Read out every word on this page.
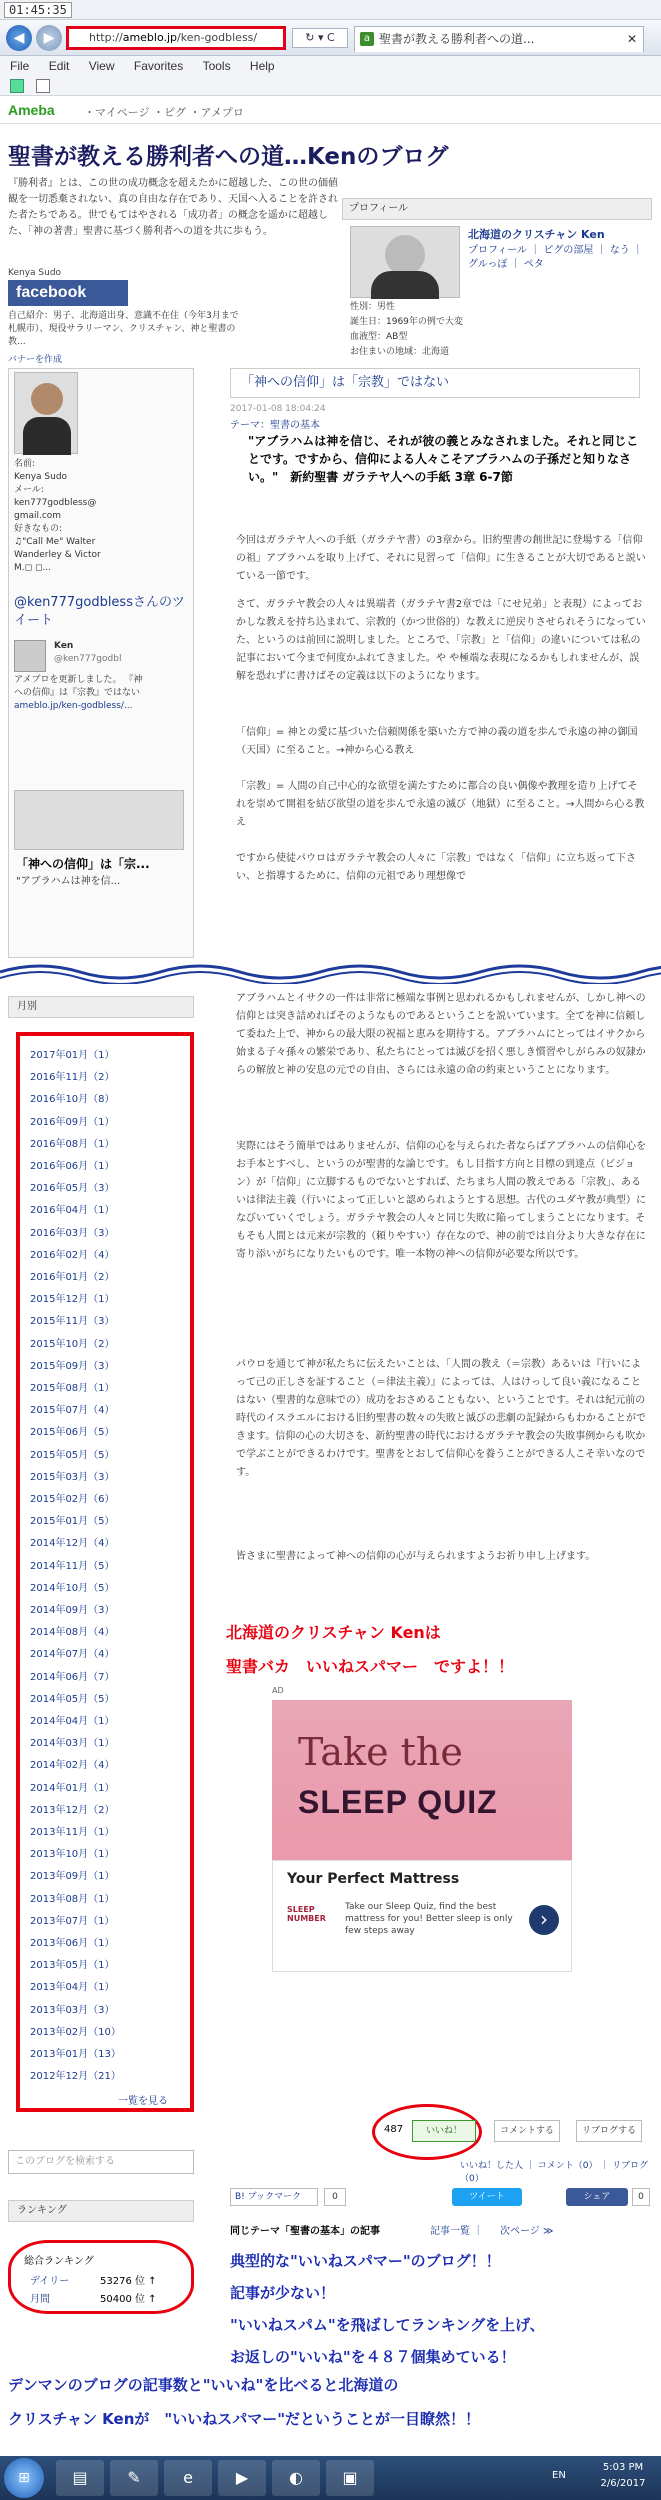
01:45:35
◀	▶	http://ameblo.jp/ken-godbless/	↻ ▾ C	a 聖書が教える勝利者への道...	✕
File Edit View Favorites Tools Help
Ameba	・マイページ ・ピグ ・アメプロ
聖書が教える勝利者への道…Kenのブログ
『勝利者』とは、この世の成功概念を超えたかに超越した、この世の価値観を一切悉棄されない、真の自由な存在であり、天国へ入ることを許された者たちである。世でもてはやされる「成功者」の概念を遥かに超越した、「神の著書」聖書に基づく勝利者への道を共に歩もう。
プロフィール
北海道のクリスチャン Ken
プロフィール ｜ ピグの部屋 ｜ なう ｜ グルっぽ ｜ ペタ
性別：男性
誕生日：1969年の例で大変
血液型：AB型
お住まいの地域：北海道
Kenya Sudo
facebook
自己紹介：男子、北海道出身、意識不在住（今年3月まで札幌市）、現役サラリーマン、クリスチャン、神と聖書の教...
バナーを作成
名前:
Kenya Sudo
メール:
ken777godbless@
gmail.com
好きなもの:
♫"Call Me" Walter
Wanderley & Victor
M.◻ ◻...
@ken777godblessさんのツイート
Ken
@ken777godbl
アメブロを更新しました。 『神への信仰』は『宗教』ではない
ameblo.jp/ken-godbless/...
「神への信仰」は「宗...
"アブラハムは神を信...
「神への信仰」は「宗教」ではない
2017-01-08 18:04:24
テーマ：聖書の基本
"アブラハムは神を信じ、それが彼の義とみなされました。それと同じことです。ですから、信仰による人々こそアブラハムの子孫だと知りなさい。"　新約聖書 ガラテヤ人への手紙 3章 6-7節
今回はガラテヤ人への手紙（ガラテヤ書）の3章から。旧約聖書の創世記に登場する「信仰の祖」アブラハムを取り上げて、それに見習って「信仰」に生きることが大切であると説いている一節です。
さて、ガラテヤ教会の人々は異端者（ガラテヤ書2章では「にせ兄弟」と表現）によっておかしな教えを持ち込まれて、宗教的（かつ世俗的）な教えに逆戻りさせられそうになっていた、というのは前回に説明しました。ところで、「宗教」と「信仰」の違いについては私の記事において今まで何度かふれてきました。や や極端な表現になるかもしれませんが、誤解を恐れずに書けばその定義は以下のようになります。
「信仰」= 神との愛に基づいた信頼関係を築いた方で神の義の道を歩んで永遠の神の御国（天国）に至ること。→神から心る教え
「宗教」= 人間の自己中心的な欲望を満たすために都合の良い偶像や教理を造り上げてそれを崇めて開祖を結び欲望の道を歩んで永遠の滅び（地獄）に至ること。→人間から心る教え
ですから使徒パウロはガラテヤ教会の人々に「宗教」ではなく「信仰」に立ち返って下さい、と指導するために、信仰の元祖であり理想像で
アブラハムとイサクの一件は非常に極端な事例と思われるかもしれませんが、しかし神への信仰とは突き詰めればそのようなものであるということを説いています。全てを神に信頼して委ねた上で、神からの最大限の祝福と恵みを期待する。アブラハムにとってはイサクから始まる子々孫々の繁栄であり、私たちにとっては滅びを招く悪しき慣習やしがらみの奴隷からの解放と神の安息の元での自由、さらには永遠の命の約束ということになります。
実際にはそう簡単ではありませんが、信仰の心を与えられた者ならばアブラハムの信仰心をお手本とすべし、というのが聖書的な論じです。もし目指す方向と目標の到達点（ビジョン）が「信仰」に立脚するものでないとすれば、たちまち人間の教えである「宗教」、あるいは律法主義（行いによって正しいと認められようとする思想。古代のユダヤ教が典型）になびいていくでしょう。ガラテヤ教会の人々と同じ失敗に陥ってしまうことになります。そもそも人間とは元来が宗教的（頼りやすい）存在なので、神の前では自分より大きな存在に寄り添いがちになりたいものです。唯一本物の神への信仰が必要な所以です。
パウロを通じて神が私たちに伝えたいことは、「人間の教え（＝宗教）あるいは『行いによって己の正しさを証すること（＝律法主義）』によっては、人はけっして良い義になることはない（聖書的な意味での）成功をおさめることもない、ということです。それは紀元前の時代のイスラエルにおける旧約聖書の数々の失敗と滅びの悲劇の記録からもわかることができます。信仰の心の大切さを、新約聖書の時代におけるガラテヤ教会の失敗事例からも吹かで学ぶことができるわけです。聖書をとおして信仰心を養うことができる人こそ幸いなのです。
皆さまに聖書によって神への信仰の心が与えられますようお祈り申し上げます。
北海道のクリスチャン Kenは
聖書バカ　いいねスパマー　ですよ！！
月別
2017年01月（1）
2016年11月（2）
2016年10月（8）
2016年09月（1）
2016年08月（1）
2016年06月（1）
2016年05月（3）
2016年04月（1）
2016年03月（3）
2016年02月（4）
2016年01月（2）
2015年12月（1）
2015年11月（3）
2015年10月（2）
2015年09月（3）
2015年08月（1）
2015年07月（4）
2015年06月（5）
2015年05月（5）
2015年03月（3）
2015年02月（6）
2015年01月（5）
2014年12月（4）
2014年11月（5）
2014年10月（5）
2014年09月（3）
2014年08月（4）
2014年07月（4）
2014年06月（7）
2014年05月（5）
2014年04月（1）
2014年03月（1）
2014年02月（4）
2014年01月（1）
2013年12月（2）
2013年11月（1）
2013年10月（1）
2013年09月（1）
2013年08月（1）
2013年07月（1）
2013年06月（1）
2013年05月（1）
2013年04月（1）
2013年03月（3）
2013年02月（10）
2013年01月（13）
2012年12月（21）
一覧を見る
AD
Take the
SLEEP QUIZ
Your Perfect Mattress
SLEEP NUMBER
Take our Sleep Quiz, find the best mattress for you! Better sleep is only few steps away	›
487	いいね！	コメントする	リブログする
いいね！した人 ｜ コメント（0） ｜ リブログ（0）
B! ブックマーク	0	ツイート	シェア	0
同じテーマ「聖書の基本」の記事	記事一覧 ｜ 次ページ ≫
典型的な"いいねスパマー"のブログ！！
記事が少ない！
"いいねスパム"を飛ばしてランキングを上げ、
お返しの"いいね"を４８７個集めている！
このブログを検索する
ランキング
総合ランキング
デイリー	53276 位 ↑
月間	50400 位 ↑
デンマンのブログの記事数と"いいね"を比べると北海道の
クリスチャン Kenが　"いいねスパマー"だということが一目瞭然！！
⊞	▤	✎	e	▶	◐	▣	EN
5:03 PM
2/6/2017
